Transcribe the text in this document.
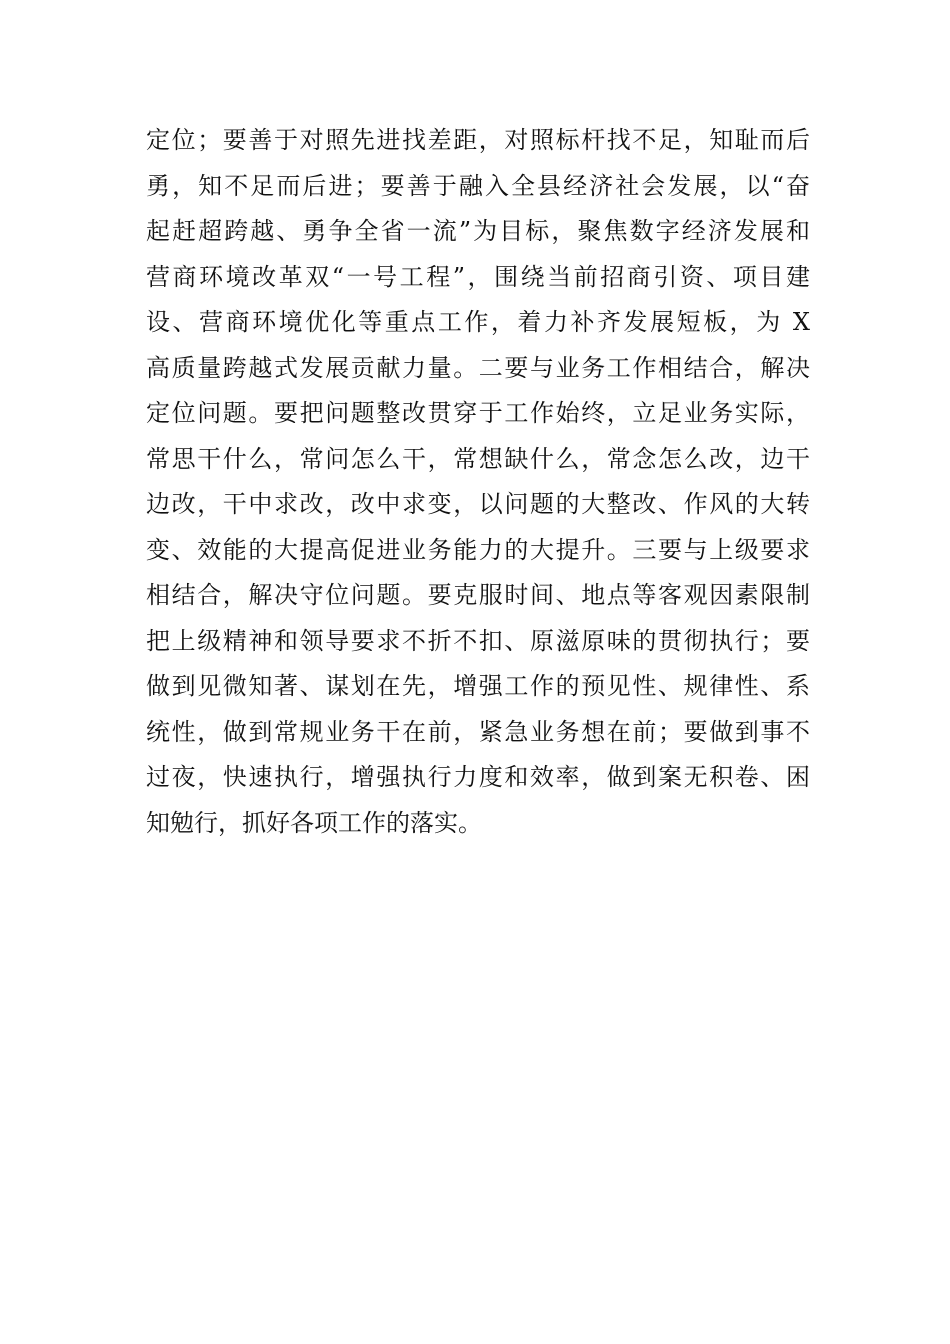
定位；要善于对照先进找差距，对照标杆找不足，知耻而后
勇，知不足而后进；要善于融入全县经济社会发展，以“奋
起赶超跨越、勇争全省一流”为目标，聚焦数字经济发展和
营商环境改革双“一号工程”，围绕当前招商引资、项目建
设、营商环境优化等重点工作，着力补齐发展短板，为 X
高质量跨越式发展贡献力量。二要与业务工作相结合，解决
定位问题。要把问题整改贯穿于工作始终，立足业务实际，
常思干什么，常问怎么干，常想缺什么，常念怎么改，边干
边改，干中求改，改中求变，以问题的大整改、作风的大转
变、效能的大提高促进业务能力的大提升。三要与上级要求
相结合，解决守位问题。要克服时间、地点等客观因素限制
把上级精神和领导要求不折不扣、原滋原味的贯彻执行；要
做到见微知著、谋划在先，增强工作的预见性、规律性、系
统性，做到常规业务干在前，紧急业务想在前；要做到事不
过夜，快速执行，增强执行力度和效率，做到案无积卷、困
知勉行，抓好各项工作的落实。
